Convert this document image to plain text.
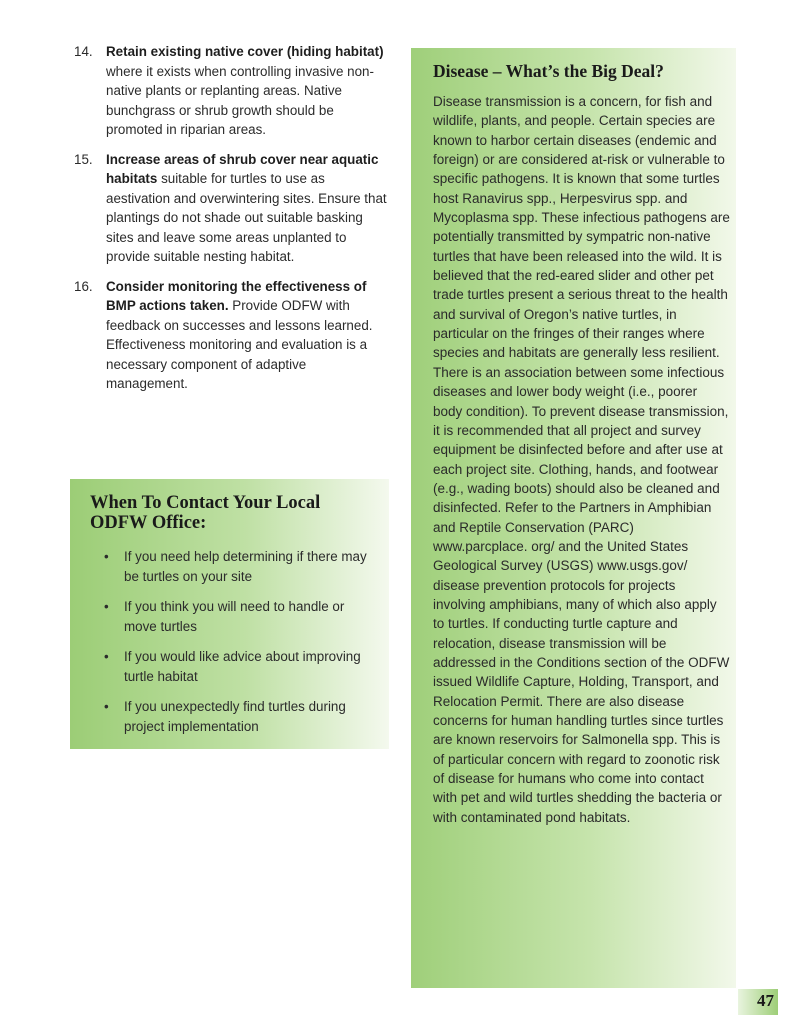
14. Retain existing native cover (hiding habitat) where it exists when controlling invasive non-native plants or replanting areas. Native bunchgrass or shrub growth should be promoted in riparian areas.
15. Increase areas of shrub cover near aquatic habitats suitable for turtles to use as aestivation and overwintering sites. Ensure that plantings do not shade out suitable basking sites and leave some areas unplanted to provide suitable nesting habitat.
16. Consider monitoring the effectiveness of BMP actions taken. Provide ODFW with feedback on successes and lessons learned. Effectiveness monitoring and evaluation is a necessary component of adaptive management.
When To Contact Your Local ODFW Office:
•	If you need help determining if there may be turtles on your site
•	If you think you will need to handle or move turtles
•	If you would like advice about improving turtle habitat
•	If you unexpectedly find turtles during project implementation
Disease – What’s the Big Deal?

Disease transmission is a concern, for fish and wildlife, plants, and people. Certain species are known to harbor certain diseases (endemic and foreign) or are considered at-risk or vulnerable to specific pathogens. It is known that some turtles host Ranavirus spp., Herpesvirus spp. and Mycoplasma spp. These infectious pathogens are potentially transmitted by sympatric non-native turtles that have been released into the wild. It is believed that the red-eared slider and other pet trade turtles present a serious threat to the health and survival of Oregon’s native turtles, in particular on the fringes of their ranges where species and habitats are generally less resilient. There is an association between some infectious diseases and lower body weight (i.e., poorer body condition). To prevent disease transmission, it is recommended that all project and survey equipment be disinfected before and after use at each project site. Clothing, hands, and footwear (e.g., wading boots) should also be cleaned and disinfected. Refer to the Partners in Amphibian and Reptile Conservation (PARC) www.parcplace. org/ and the United States Geological Survey (USGS) www.usgs.gov/ disease prevention protocols for projects involving amphibians, many of which also apply to turtles. If conducting turtle capture and relocation, disease transmission will be addressed in the Conditions section of the ODFW issued Wildlife Capture, Holding, Transport, and Relocation Permit. There are also disease concerns for human handling turtles since turtles are known reservoirs for Salmonella spp. This is of particular concern with regard to zoonotic risk of disease for humans who come into contact with pet and wild turtles shedding the bacteria or with contaminated pond habitats.

47
